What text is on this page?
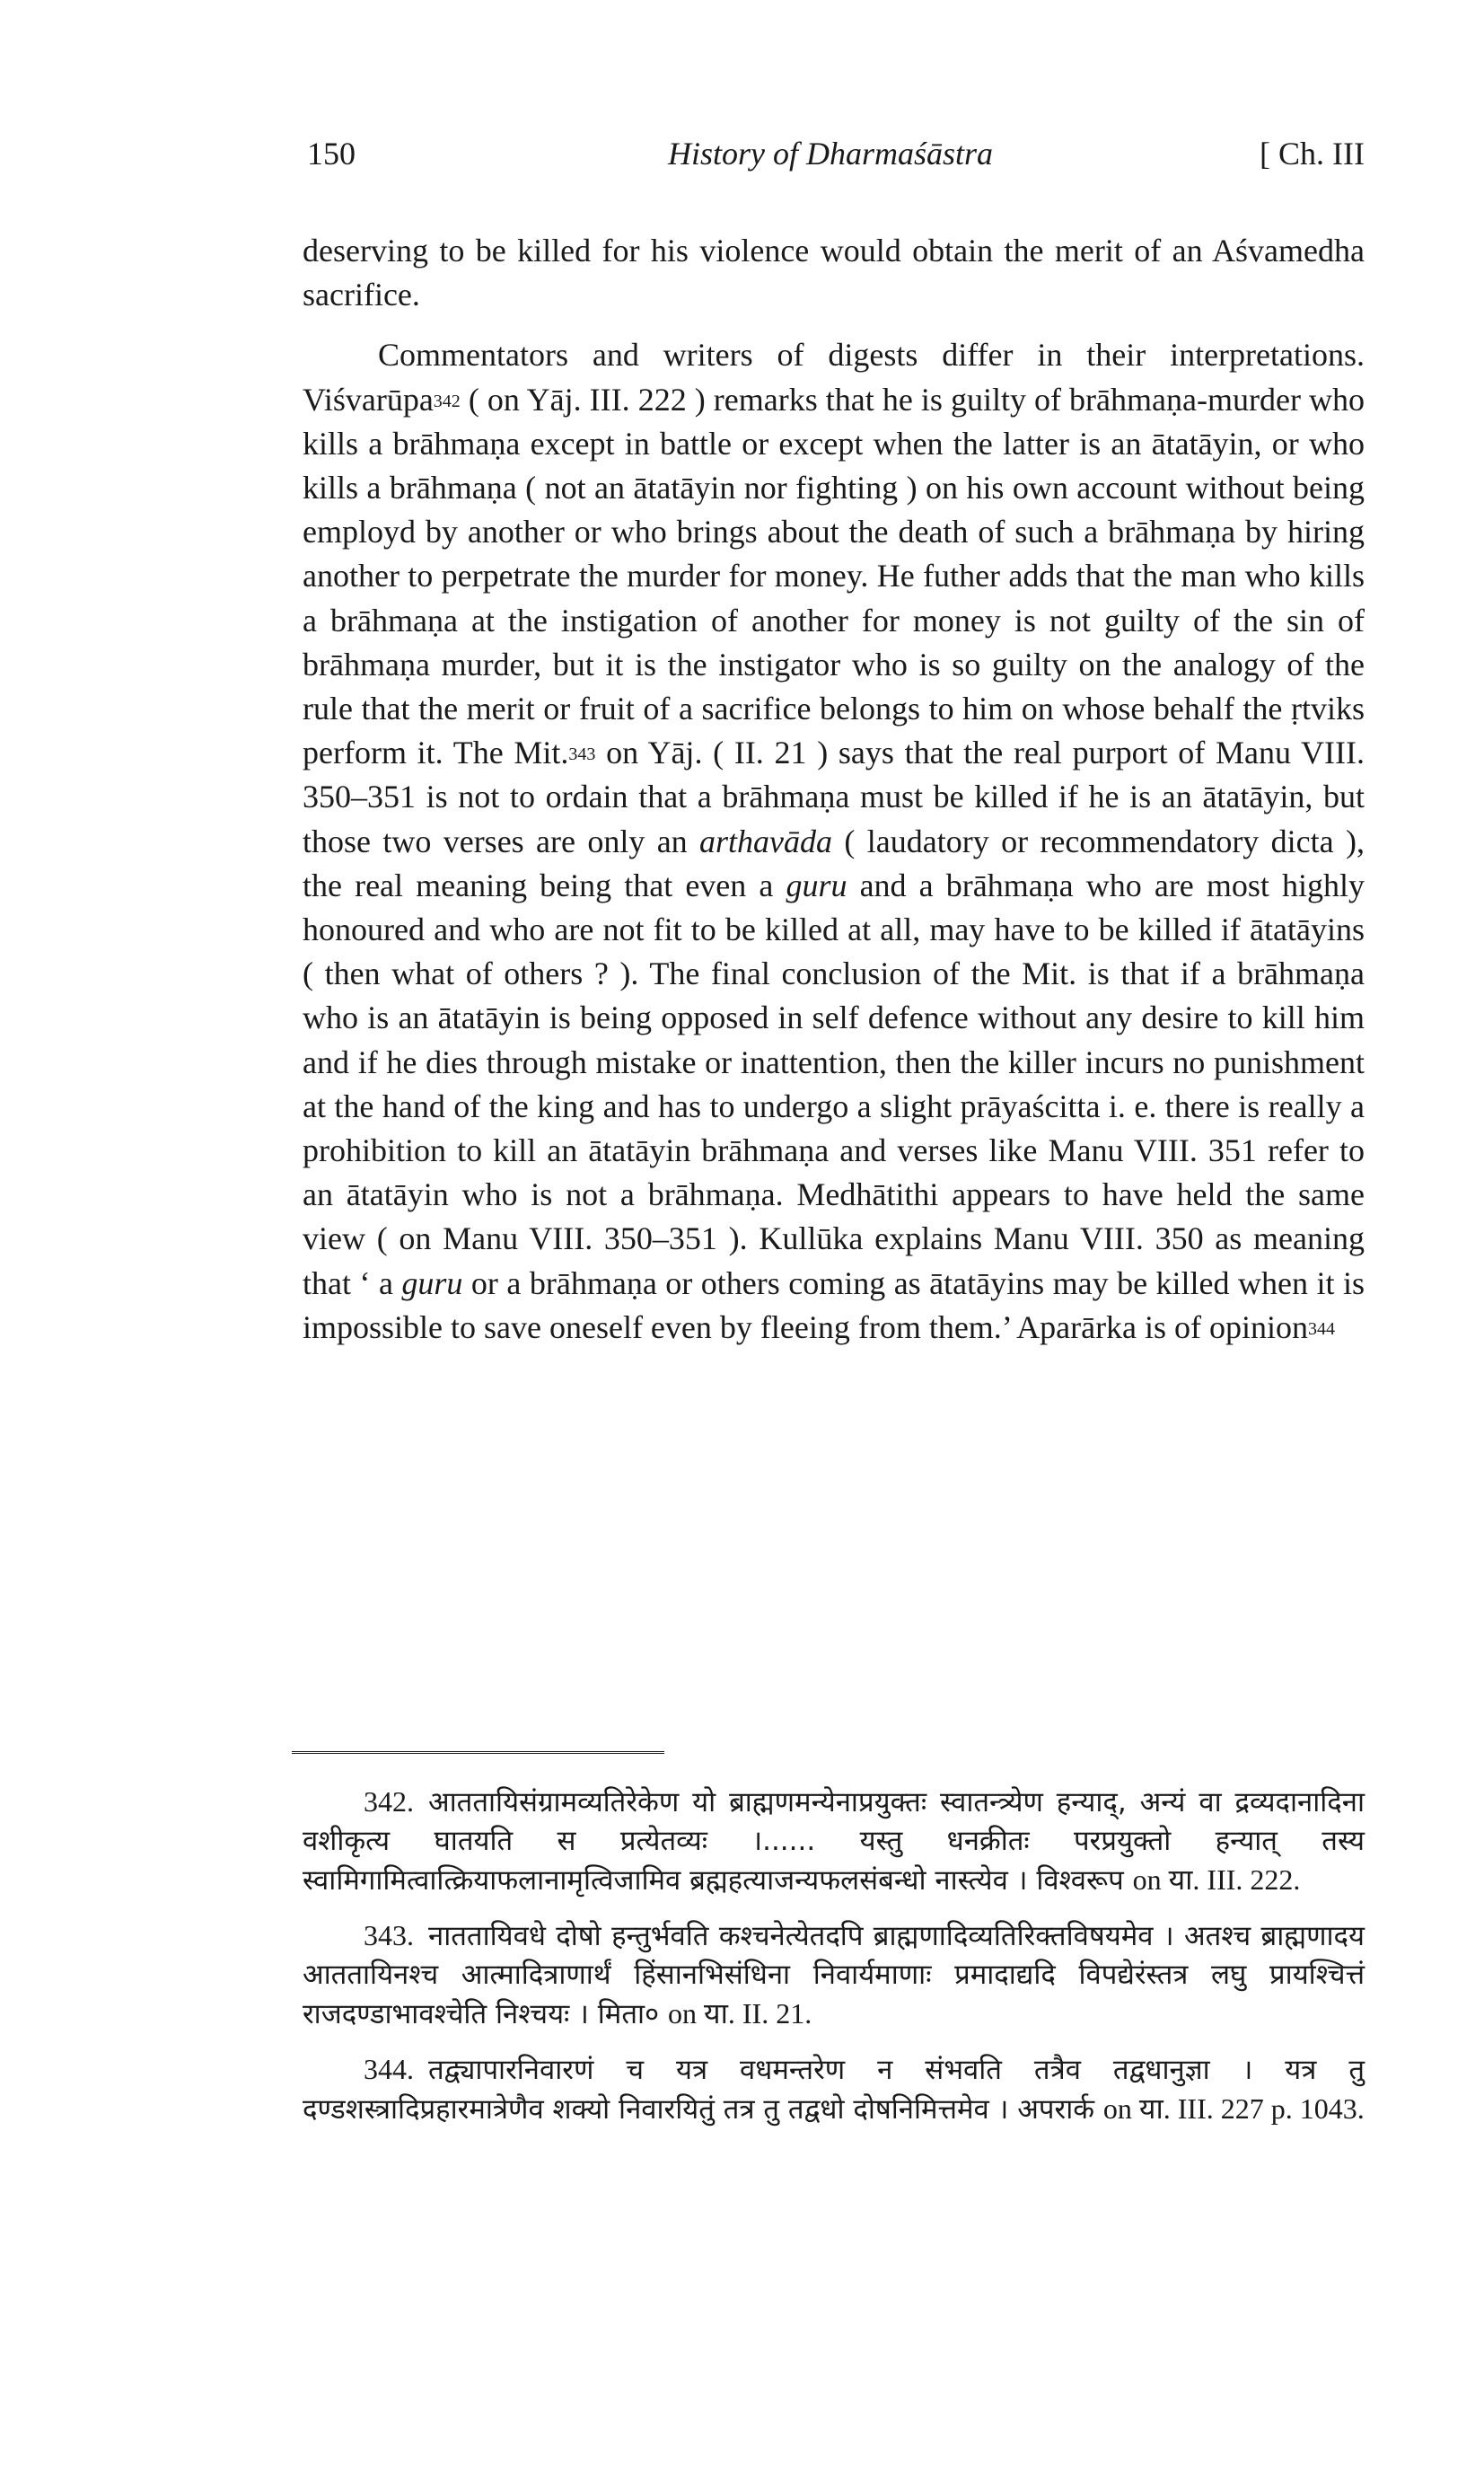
150	History of Dharmaśāstra	[ Ch. III

deserving to be killed for his violence would obtain the merit of an Aśvamedha sacrifice.

Commentators and writers of digests differ in their interpretations. Viśvarūpa$^{342}$ ( on Yāj. III. 222 ) remarks that he is guilty of brāhmaṇa-murder who kills a brāhmaṇa except in battle or except when the latter is an ātatāyin, or who kills a brāhmaṇa ( not an ātatāyin nor fighting ) on his own account without being employd by another or who brings about the death of such a brāhmaṇa by hiring another to perpetrate the murder for money. He futher adds that the man who kills a brāhmaṇa at the instigation of another for money is not guilty of the sin of brāhmaṇa murder, but it is the instigator who is so guilty on the analogy of the rule that the merit or fruit of a sacrifice belongs to him on whose behalf the ṛtviks perform it. The Mit.$^{343}$ on Yāj. ( II. 21 ) says that the real purport of Manu VIII. 350–351 is not to ordain that a brāhmaṇa must be killed if he is an ātatāyin, but those two verses are only an arthavāda ( laudatory or recommendatory dicta ), the real meaning being that even a guru and a brāhmaṇa who are most highly honoured and who are not fit to be killed at all, may have to be killed if ātatāyins ( then what of others ? ). The final conclusion of the Mit. is that if a brāhmaṇa who is an ātatāyin is being opposed in self defence without any desire to kill him and if he dies through mistake or inattention, then the killer incurs no punishment at the hand of the king and has to undergo a slight prāyaścitta i. e. there is really a prohibition to kill an ātatāyin brāhmaṇa and verses like Manu VIII. 351 refer to an ātatāyin who is not a brāhmaṇa. Medhātithi appears to have held the same view ( on Manu VIII. 350–351 ). Kullūka explains Manu VIII. 350 as meaning that ‘ a guru or a brāhmaṇa or others coming as ātatāyins may be killed when it is impossible to save oneself even by fleeing from them.’ Aparārka is of opinion$^{344}$

342. आततायिसंग्रामव्यतिरेकेण यो ब्राह्मणमन्येनाप्रयुक्तः स्वातन्त्र्येण हन्याद्, अन्यं वा द्रव्यदानादिना वशीकृत्य घातयति स प्रत्येतव्यः ।...... यस्तु धनक्रीतः परप्रयुक्तो हन्यात् तस्य स्वामिगामित्वात्क्रियाफलानामृत्विजामिव ब्रह्महत्याजन्यफलसंबन्धो नास्त्येव । विश्वरूप on या. III. 222.

343. नाततायिवधे दोषो हन्तुर्भवति कश्चनेत्येतदपि ब्राह्मणादिव्यतिरिक्तविषयमेव । अतश्च ब्राह्मणादय आततायिनश्च आत्मादित्राणार्थं हिंसानभिसंधिना निवार्यमाणाः प्रमादाद्यदि विपद्येरंस्तत्र लघु प्रायश्चित्तं राजदण्डाभावश्चेति निश्चयः । मिता० on या. II. 21.

344. तद्व्यापारनिवारणं च यत्र वधमन्तरेण न संभवति तत्रैव तद्वधानुज्ञा । यत्र तु दण्डशस्त्रादिप्रहारमात्रेणैव शक्यो निवारयितुं तत्र तु तद्वधो दोषनिमित्तमेव । अपरार्क on या. III. 227 p. 1043.
